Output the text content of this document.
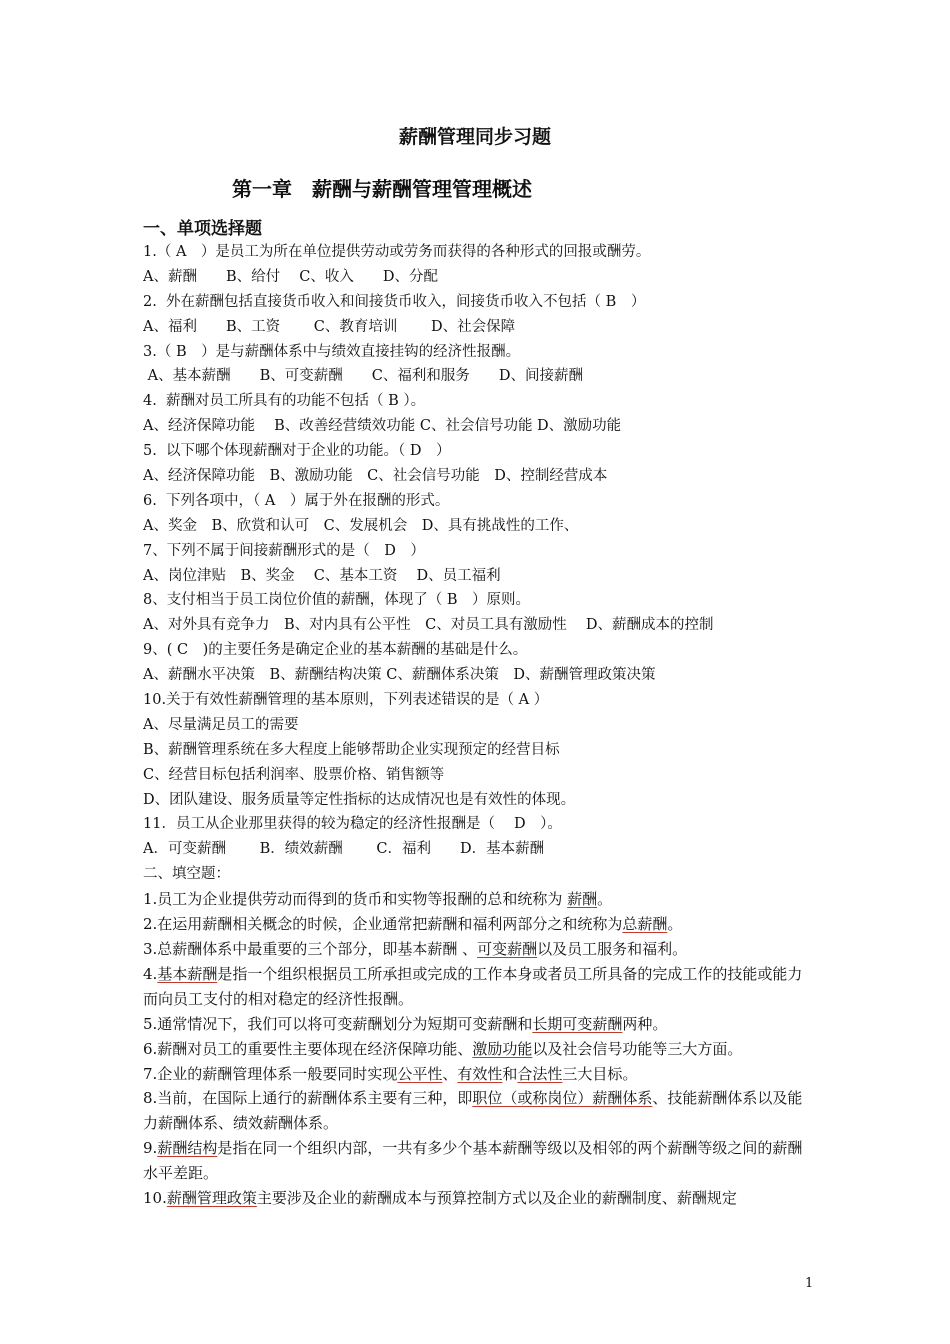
薪酬管理同步习题
第一章　薪酬与薪酬管理管理概述
一、单项选择题
1.（ A　）是员工为所在单位提供劳动或劳务而获得的各种形式的回报或酬劳。
A、薪酬　　B、给付　 C、收入　　D、分配
2.  外在薪酬包括直接货币收入和间接货币收入，间接货币收入不包括（ B　）
A、福利　　B、工资　　 C、教育培训　　 D、社会保障
3.（ B　）是与薪酬体系中与绩效直接挂钩的经济性报酬。
A、基本薪酬　　B、可变薪酬　　C、福利和服务　　D、间接薪酬
4.  薪酬对员工所具有的功能不包括（ B ）。
A、经济保障功能　 B、改善经营绩效功能 C、社会信号功能 D、激励功能
5.  以下哪个体现薪酬对于企业的功能。（ D　）
A、经济保障功能　B、激励功能　C、社会信号功能　D、控制经营成本
6.  下列各项中，（ A　）属于外在报酬的形式。
A、奖金　B、欣赏和认可　C、发展机会　D、具有挑战性的工作、
7、下列不属于间接薪酬形式的是（　D　）
A、岗位津贴　B、奖金　 C、基本工资　 D、员工福利
8、支付相当于员工岗位价值的薪酬，体现了（ B　）原则。
A、对外具有竞争力　B、对内具有公平性　C、对员工具有激励性　 D、薪酬成本的控制
9、( C　)的主要任务是确定企业的基本薪酬的基础是什么。
A、薪酬水平决策　B、薪酬结构决策 C、薪酬体系决策　D、薪酬管理政策决策
10.关于有效性薪酬管理的基本原则，下列表述错误的是（ A ）
A、尽量满足员工的需要
B、薪酬管理系统在多大程度上能够帮助企业实现预定的经营目标
C、经营目标包括利润率、股票价格、销售额等
D、团队建设、服务质量等定性指标的达成情况也是有效性的体现。
11．员工从企业那里获得的较为稳定的经济性报酬是（　 D　）。
A．可变薪酬　　 B．绩效薪酬　　 C．福利　　D．基本薪酬
二、填空题：
1.员工为企业提供劳动而得到的货币和实物等报酬的总和统称为 薪酬。
2.在运用薪酬相关概念的时候，企业通常把薪酬和福利两部分之和统称为总薪酬。
3.总薪酬体系中最重要的三个部分，即基本薪酬 、可变薪酬以及员工服务和福利。
4.基本薪酬是指一个组织根据员工所承担或完成的工作本身或者员工所具备的完成工作的技能或能力而向员工支付的相对稳定的经济性报酬。
5.通常情况下，我们可以将可变薪酬划分为短期可变薪酬和长期可变薪酬两种。
6.薪酬对员工的重要性主要体现在经济保障功能、激励功能以及社会信号功能等三大方面。
7.企业的薪酬管理体系一般要同时实现公平性、有效性和合法性三大目标。
8.当前，在国际上通行的薪酬体系主要有三种，即职位（或称岗位）薪酬体系、技能薪酬体系以及能力薪酬体系、绩效薪酬体系。
9.薪酬结构是指在同一个组织内部，一共有多少个基本薪酬等级以及相邻的两个薪酬等级之间的薪酬水平差距。
10.薪酬管理政策主要涉及企业的薪酬成本与预算控制方式以及企业的薪酬制度、薪酬规定
1
